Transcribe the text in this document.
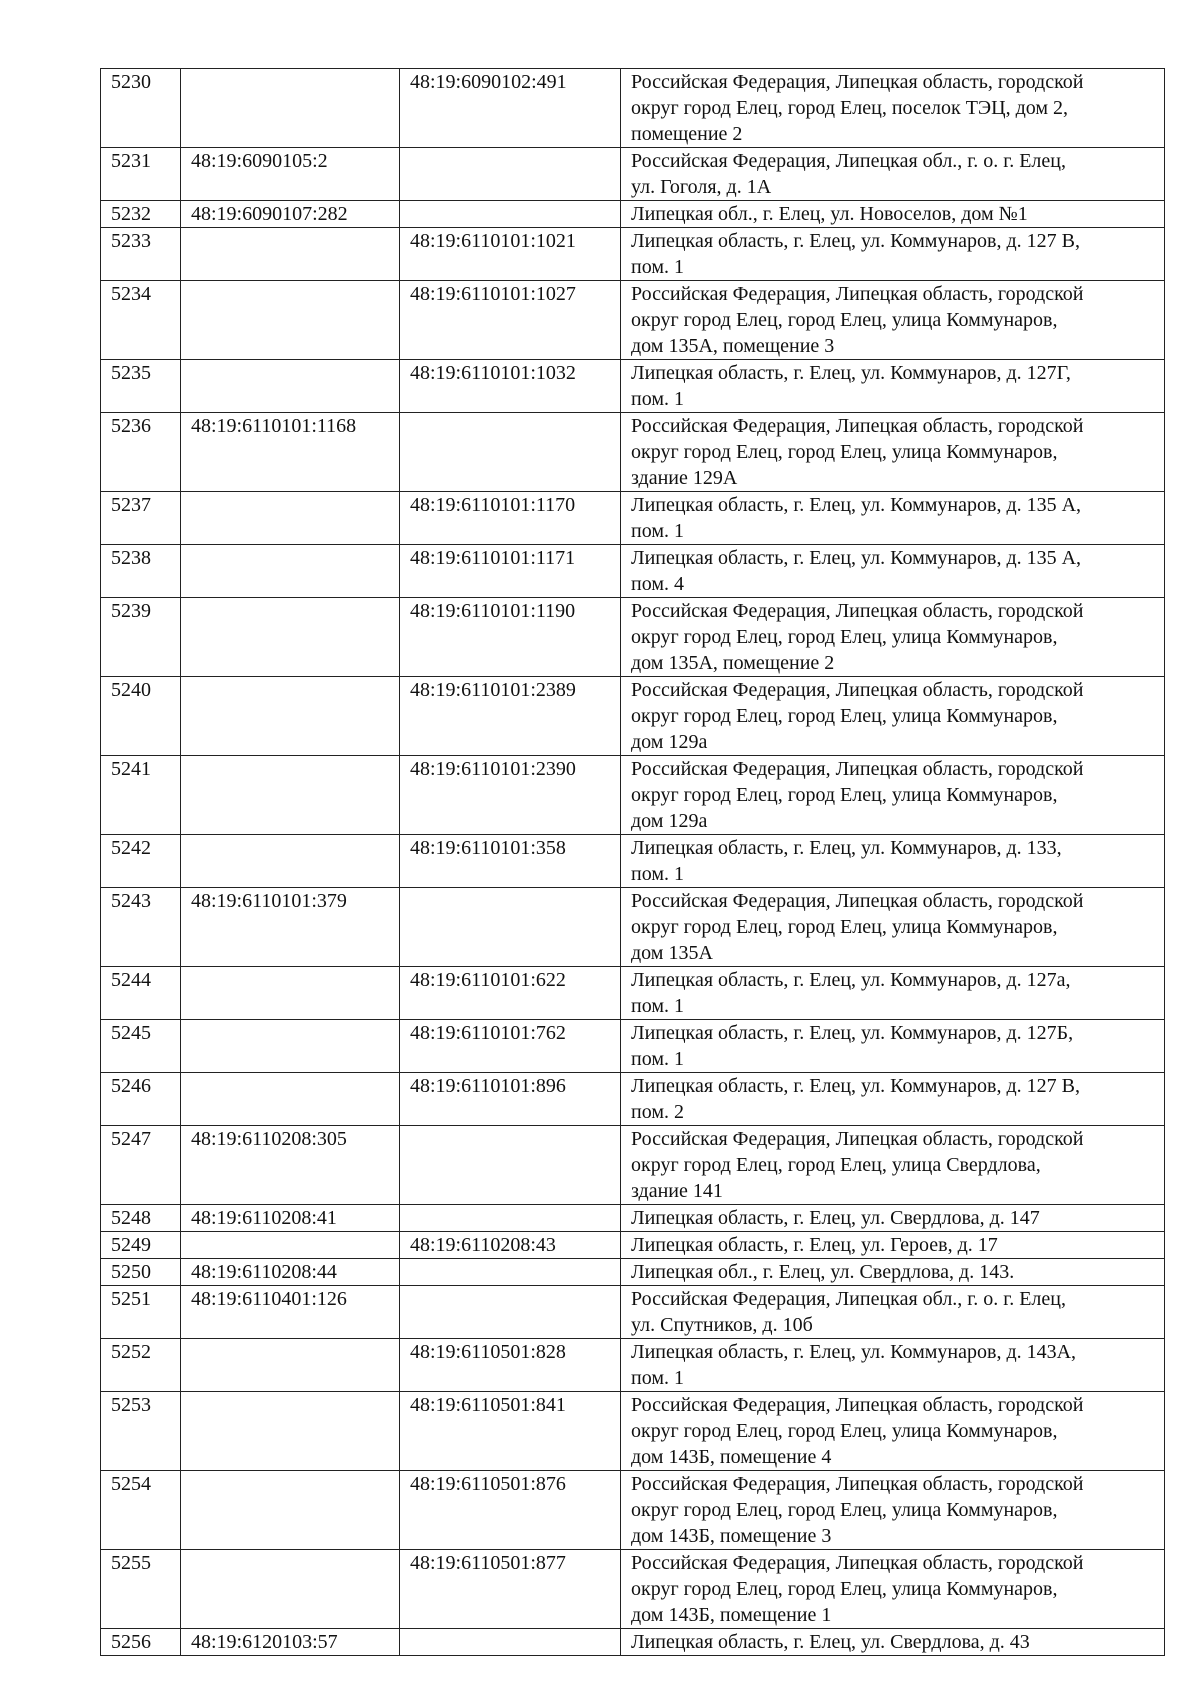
5230		48:19:6090102:491	Российская Федерация, Липецкая область, городской
округ город Елец, город Елец, поселок ТЭЦ, дом 2,
помещение 2
5231	48:19:6090105:2		Российская Федерация, Липецкая обл., г. о. г. Елец,
ул. Гоголя, д. 1А
5232	48:19:6090107:282		Липецкая обл., г. Елец, ул. Новоселов, дом №1
5233		48:19:6110101:1021	Липецкая область, г. Елец, ул. Коммунаров, д. 127 В,
пом. 1
5234		48:19:6110101:1027	Российская Федерация, Липецкая область, городской
округ город Елец, город Елец, улица Коммунаров,
дом 135А, помещение 3
5235		48:19:6110101:1032	Липецкая область, г. Елец, ул. Коммунаров, д. 127Г,
пом. 1
5236	48:19:6110101:1168		Российская Федерация, Липецкая область, городской
округ город Елец, город Елец, улица Коммунаров,
здание 129А
5237		48:19:6110101:1170	Липецкая область, г. Елец, ул. Коммунаров, д. 135 А,
пом. 1
5238		48:19:6110101:1171	Липецкая область, г. Елец, ул. Коммунаров, д. 135 А,
пом. 4
5239		48:19:6110101:1190	Российская Федерация, Липецкая область, городской
округ город Елец, город Елец, улица Коммунаров,
дом 135А, помещение 2
5240		48:19:6110101:2389	Российская Федерация, Липецкая область, городской
округ город Елец, город Елец, улица Коммунаров,
дом 129а
5241		48:19:6110101:2390	Российская Федерация, Липецкая область, городской
округ город Елец, город Елец, улица Коммунаров,
дом 129а
5242		48:19:6110101:358	Липецкая область, г. Елец, ул. Коммунаров, д. 133,
пом. 1
5243	48:19:6110101:379		Российская Федерация, Липецкая область, городской
округ город Елец, город Елец, улица Коммунаров,
дом 135А
5244		48:19:6110101:622	Липецкая область, г. Елец, ул. Коммунаров, д. 127а,
пом. 1
5245		48:19:6110101:762	Липецкая область, г. Елец, ул. Коммунаров, д. 127Б,
пом. 1
5246		48:19:6110101:896	Липецкая область, г. Елец, ул. Коммунаров, д. 127 В,
пом. 2
5247	48:19:6110208:305		Российская Федерация, Липецкая область, городской
округ город Елец, город Елец, улица Свердлова,
здание 141
5248	48:19:6110208:41		Липецкая область, г. Елец, ул. Свердлова, д. 147
5249		48:19:6110208:43	Липецкая область, г. Елец, ул. Героев, д. 17
5250	48:19:6110208:44		Липецкая обл., г. Елец, ул. Свердлова, д. 143.
5251	48:19:6110401:126		Российская Федерация, Липецкая обл., г. о. г. Елец,
ул. Спутников, д. 10б
5252		48:19:6110501:828	Липецкая область, г. Елец, ул. Коммунаров, д. 143А,
пом. 1
5253		48:19:6110501:841	Российская Федерация, Липецкая область, городской
округ город Елец, город Елец, улица Коммунаров,
дом 143Б, помещение 4
5254		48:19:6110501:876	Российская Федерация, Липецкая область, городской
округ город Елец, город Елец, улица Коммунаров,
дом 143Б, помещение 3
5255		48:19:6110501:877	Российская Федерация, Липецкая область, городской
округ город Елец, город Елец, улица Коммунаров,
дом 143Б, помещение 1
5256	48:19:6120103:57		Липецкая область, г. Елец, ул. Свердлова, д. 43
